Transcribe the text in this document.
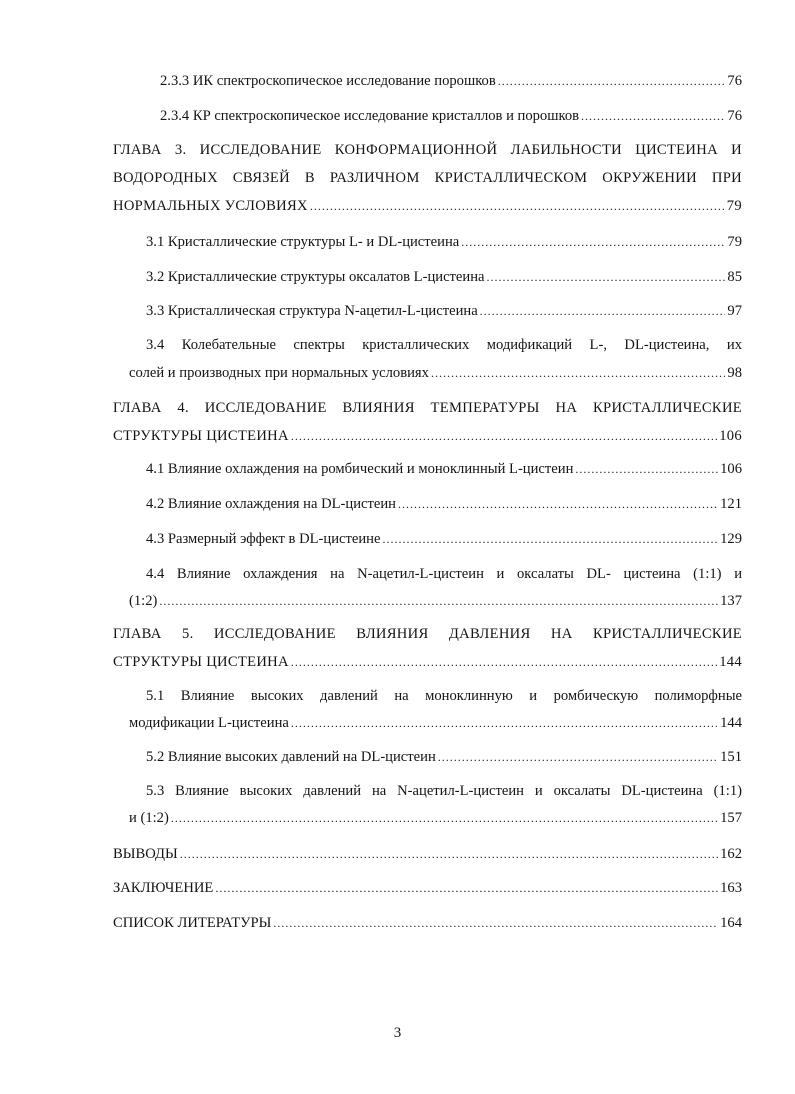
2.3.3 ИК спектроскопическое исследование порошков .....	76
2.3.4 КР спектроскопическое исследование кристаллов и порошков .....	76
ГЛАВА 3. ИССЛЕДОВАНИЕ КОНФОРМАЦИОННОЙ ЛАБИЛЬНОСТИ ЦИСТЕИНА И
ВОДОРОДНЫХ СВЯЗЕЙ В РАЗЛИЧНОМ КРИСТАЛЛИЧЕСКОМ ОКРУЖЕНИИ ПРИ
НОРМАЛЬНЫХ УСЛОВИЯХ .....	79
3.1 Кристаллические структуры L- и DL-цистеина .....	79
3.2 Кристаллические структуры оксалатов L-цистеина .....	85
3.3 Кристаллическая структура N-ацетил-L-цистеина .....	97
3.4 Колебательные спектры кристаллических модификаций L-, DL-цистеина, их
солей и производных при нормальных условиях .....	98
ГЛАВА 4. ИССЛЕДОВАНИЕ ВЛИЯНИЯ ТЕМПЕРАТУРЫ НА КРИСТАЛЛИЧЕСКИЕ
СТРУКТУРЫ ЦИСТЕИНА .....	106
4.1 Влияние охлаждения на ромбический и моноклинный L-цистеин .....	106
4.2 Влияние охлаждения на DL-цистеин .....	121
4.3 Размерный эффект в DL-цистеине .....	129
4.4 Влияние охлаждения на N-ацетил-L-цистеин и оксалаты DL- цистеина (1:1) и
(1:2) .....	137
ГЛАВА 5. ИССЛЕДОВАНИЕ ВЛИЯНИЯ ДАВЛЕНИЯ НА КРИСТАЛЛИЧЕСКИЕ
СТРУКТУРЫ ЦИСТЕИНА .....	144
5.1 Влияние высоких давлений на моноклинную и ромбическую полиморфные
модификации L-цистеина .....	144
5.2 Влияние высоких давлений на DL-цистеин .....	151
5.3 Влияние высоких давлений на N-ацетил-L-цистеин и оксалаты DL-цистеина (1:1)
и (1:2) .....	157
ВЫВОДЫ .....	162
ЗАКЛЮЧЕНИЕ .....	163
СПИСОК ЛИТЕРАТУРЫ .....	164
3
